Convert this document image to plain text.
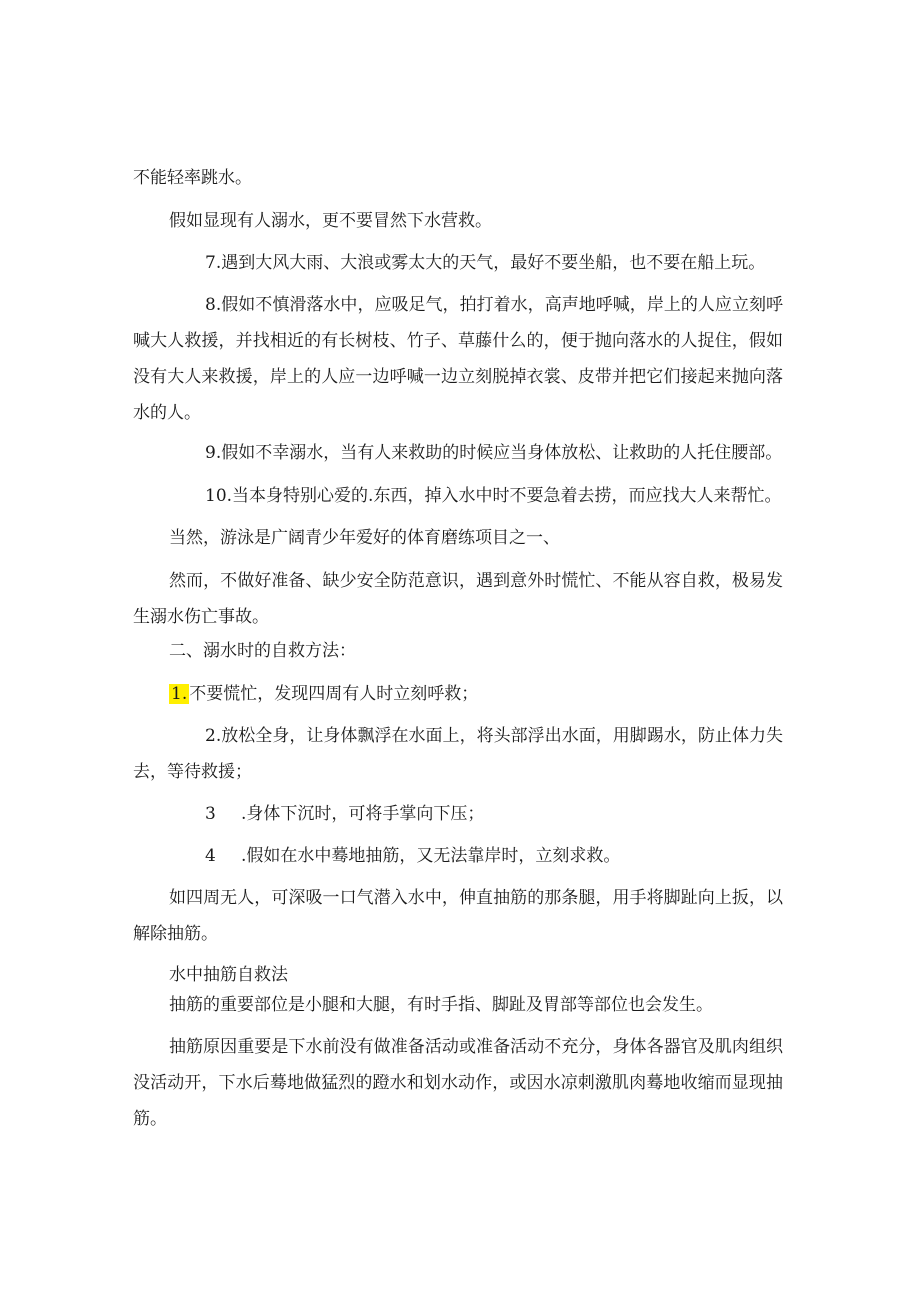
不能轻率跳水。

假如显现有人溺水，更不要冒然下水营救。

7.遇到大风大雨、大浪或雾太大的天气，最好不要坐船，也不要在船上玩。

8.假如不慎滑落水中，应吸足气，拍打着水，高声地呼喊，岸上的人应立刻呼喊大人救援，并找相近的有长树枝、竹子、草藤什么的，便于抛向落水的人捉住，假如没有大人来救援，岸上的人应一边呼喊一边立刻脱掉衣裳、皮带并把它们接起来抛向落水的人。

9.假如不幸溺水，当有人来救助的时候应当身体放松、让救助的人托住腰部。

10.当本身特别心爱的.东西，掉入水中时不要急着去捞，而应找大人来帮忙。

当然，游泳是广阔青少年爱好的体育磨练项目之一、

然而，不做好准备、缺少安全防范意识，遇到意外时慌忙、不能从容自救，极易发生溺水伤亡事故。

二、溺水时的自救方法：

1. 不要慌忙，发现四周有人时立刻呼救；

2.放松全身，让身体飘浮在水面上，将头部浮出水面，用脚踢水，防止体力失去，等待救援；

3 .身体下沉时，可将手掌向下压；

4 .假如在水中蓦地抽筋，又无法靠岸时，立刻求救。

如四周无人，可深吸一口气潜入水中，伸直抽筋的那条腿，用手将脚趾向上扳，以解除抽筋。

水中抽筋自救法

抽筋的重要部位是小腿和大腿，有时手指、脚趾及胃部等部位也会发生。

抽筋原因重要是下水前没有做准备活动或准备活动不充分，身体各器官及肌肉组织没活动开，下水后蓦地做猛烈的蹬水和划水动作，或因水凉刺激肌肉蓦地收缩而显现抽筋。
